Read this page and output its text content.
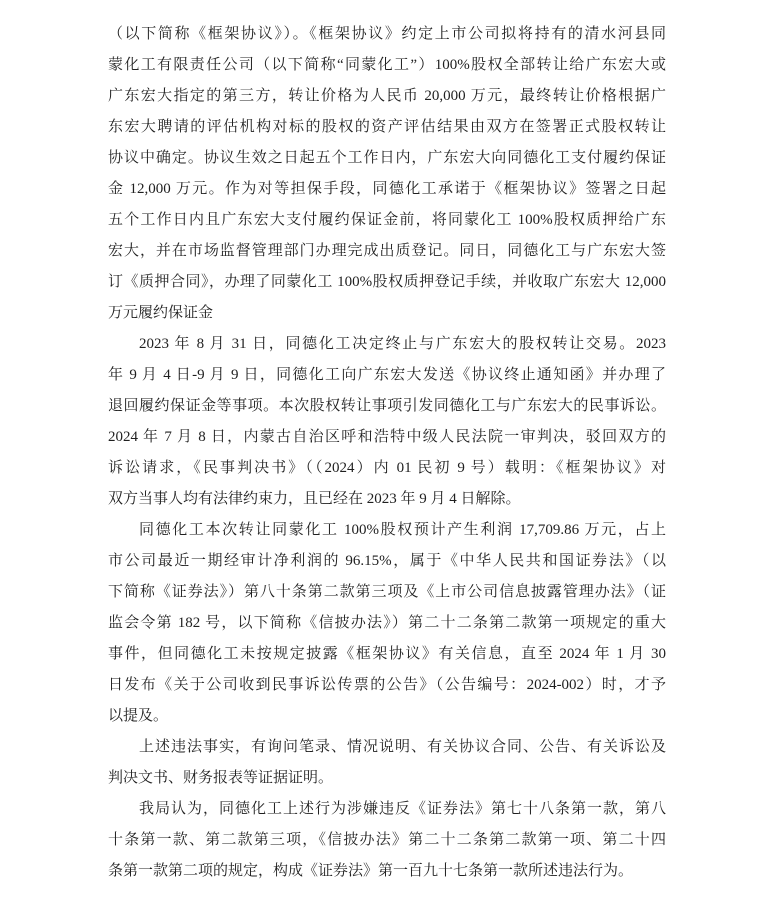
（以下简称《框架协议》）。《框架协议》约定上市公司拟将持有的清水河县同
蒙化工有限责任公司（以下简称“同蒙化工”）100%股权全部转让给广东宏大或
广东宏大指定的第三方，转让价格为人民币 20,000 万元，最终转让价格根据广
东宏大聘请的评估机构对标的股权的资产评估结果由双方在签署正式股权转让
协议中确定。协议生效之日起五个工作日内，广东宏大向同德化工支付履约保证
金 12,000 万元。作为对等担保手段，同德化工承诺于《框架协议》签署之日起
五个工作日内且广东宏大支付履约保证金前，将同蒙化工 100%股权质押给广东
宏大，并在市场监督管理部门办理完成出质登记。同日，同德化工与广东宏大签
订《质押合同》，办理了同蒙化工 100%股权质押登记手续，并收取广东宏大 12,000
万元履约保证金
2023 年 8 月 31 日，同德化工决定终止与广东宏大的股权转让交易。2023
年 9 月 4 日-9 月 9 日，同德化工向广东宏大发送《协议终止通知函》并办理了
退回履约保证金等事项。本次股权转让事项引发同德化工与广东宏大的民事诉讼。
2024 年 7 月 8 日，内蒙古自治区呼和浩特中级人民法院一审判决，驳回双方的
诉讼请求，《民事判决书》（（2024）内 01 民初 9 号）载明：《框架协议》对
双方当事人均有法律约束力，且已经在 2023 年 9 月 4 日解除。
同德化工本次转让同蒙化工 100%股权预计产生利润 17,709.86 万元，占上
市公司最近一期经审计净利润的 96.15%，属于《中华人民共和国证券法》（以
下简称《证券法》）第八十条第二款第三项及《上市公司信息披露管理办法》（证
监会令第 182 号，以下简称《信披办法》）第二十二条第二款第一项规定的重大
事件，但同德化工未按规定披露《框架协议》有关信息，直至 2024 年 1 月 30
日发布《关于公司收到民事诉讼传票的公告》（公告编号：2024-002）时，才予
以提及。
上述违法事实，有询问笔录、情况说明、有关协议合同、公告、有关诉讼及
判决文书、财务报表等证据证明。
我局认为，同德化工上述行为涉嫌违反《证券法》第七十八条第一款，第八
十条第一款、第二款第三项，《信披办法》第二十二条第二款第一项、第二十四
条第一款第二项的规定，构成《证券法》第一百九十七条第一款所述违法行为。
